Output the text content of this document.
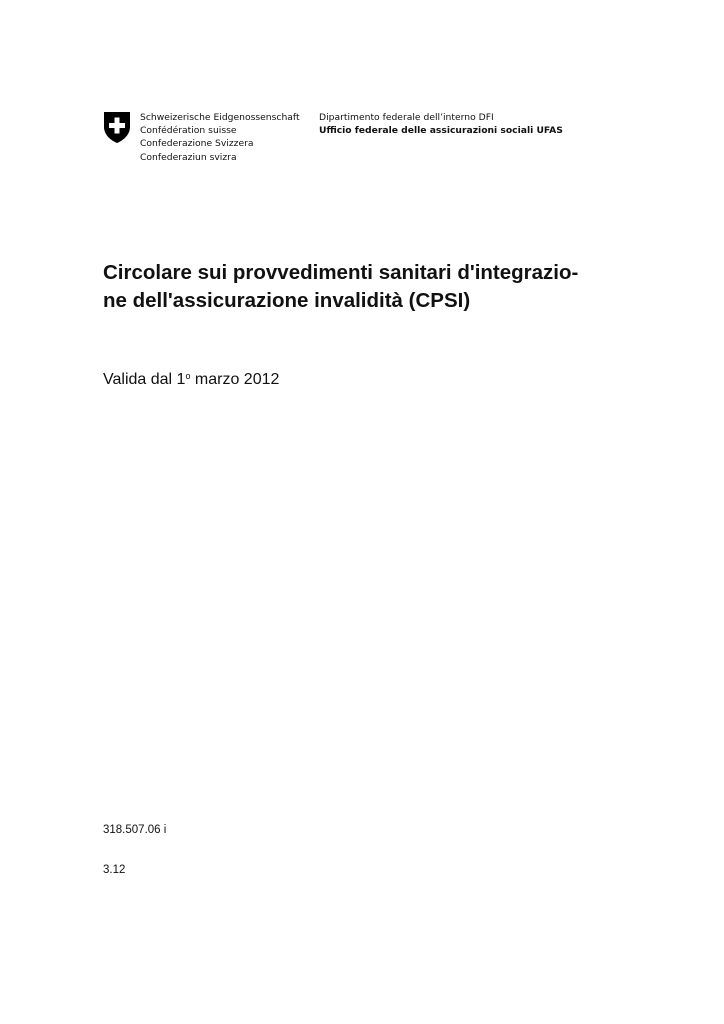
Schweizerische Eidgenossenschaft
Confédération suisse
Confederazione Svizzera
Confederaziun svizra
Dipartimento federale dell’interno DFI
Ufficio federale delle assicurazioni sociali UFAS
Circolare sui provvedimenti sanitari d'integrazio-
ne dell'assicurazione invalidità (CPSI)
Valida dal 1$^o$ marzo 2012
318.507.06 i
3.12
